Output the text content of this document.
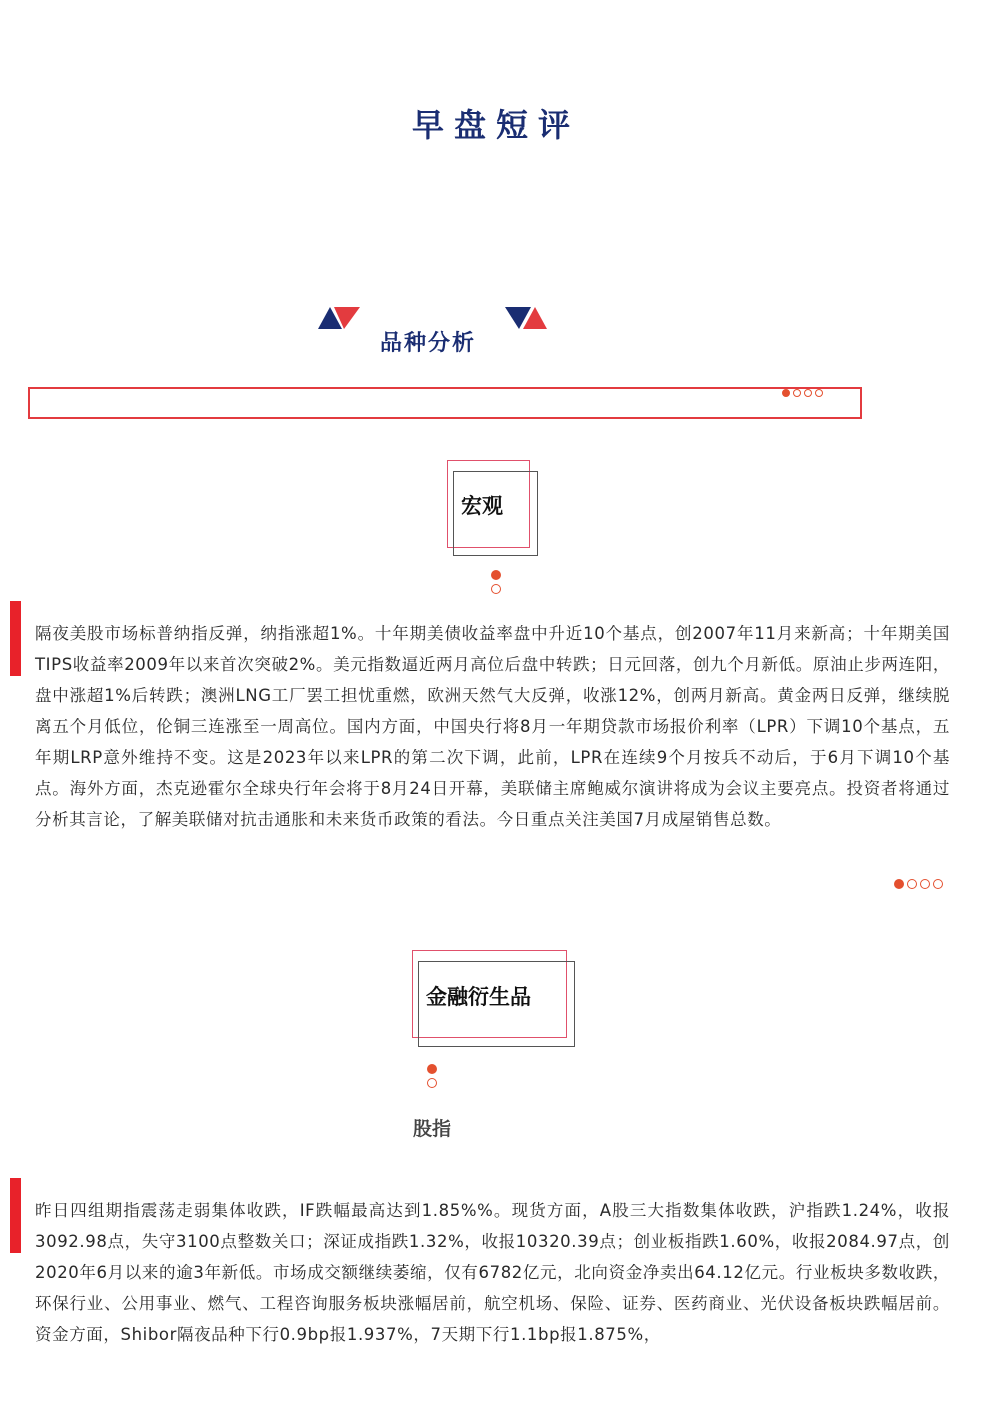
早盘短评
品种分析
宏观
隔夜美股市场标普纳指反弹，纳指涨超1%。十年期美债收益率盘中升近10个基点，创2007年11月来新高；十年期美国TIPS收益率2009年以来首次突破2%。美元指数逼近两月高位后盘中转跌；日元回落，创九个月新低。原油止步两连阳，盘中涨超1%后转跌；澳洲LNG工厂罢工担忧重燃，欧洲天然气大反弹，收涨12%，创两月新高。黄金两日反弹，继续脱离五个月低位，伦铜三连涨至一周高位。国内方面，中国央行将8月一年期贷款市场报价利率（LPR）下调10个基点，五年期LRP意外维持不变。这是2023年以来LPR的第二次下调，此前，LPR在连续9个月按兵不动后，于6月下调10个基点。海外方面，杰克逊霍尔全球央行年会将于8月24日开幕，美联储主席鲍威尔演讲将成为会议主要亮点。投资者将通过分析其言论，了解美联储对抗击通胀和未来货币政策的看法。今日重点关注美国7月成屋销售总数。
金融衍生品
股指
昨日四组期指震荡走弱集体收跌，IF跌幅最高达到1.85%%。现货方面，A股三大指数集体收跌，沪指跌1.24%，收报3092.98点，失守3100点整数关口；深证成指跌1.32%，收报10320.39点；创业板指跌1.60%，收报2084.97点，创2020年6月以来的逾3年新低。市场成交额继续萎缩，仅有6782亿元，北向资金净卖出64.12亿元。行业板块多数收跌，环保行业、公用事业、燃气、工程咨询服务板块涨幅居前，航空机场、保险、证券、医药商业、光伏设备板块跌幅居前。资金方面，Shibor隔夜品种下行0.9bp报1.937%，7天期下行1.1bp报1.875%，
